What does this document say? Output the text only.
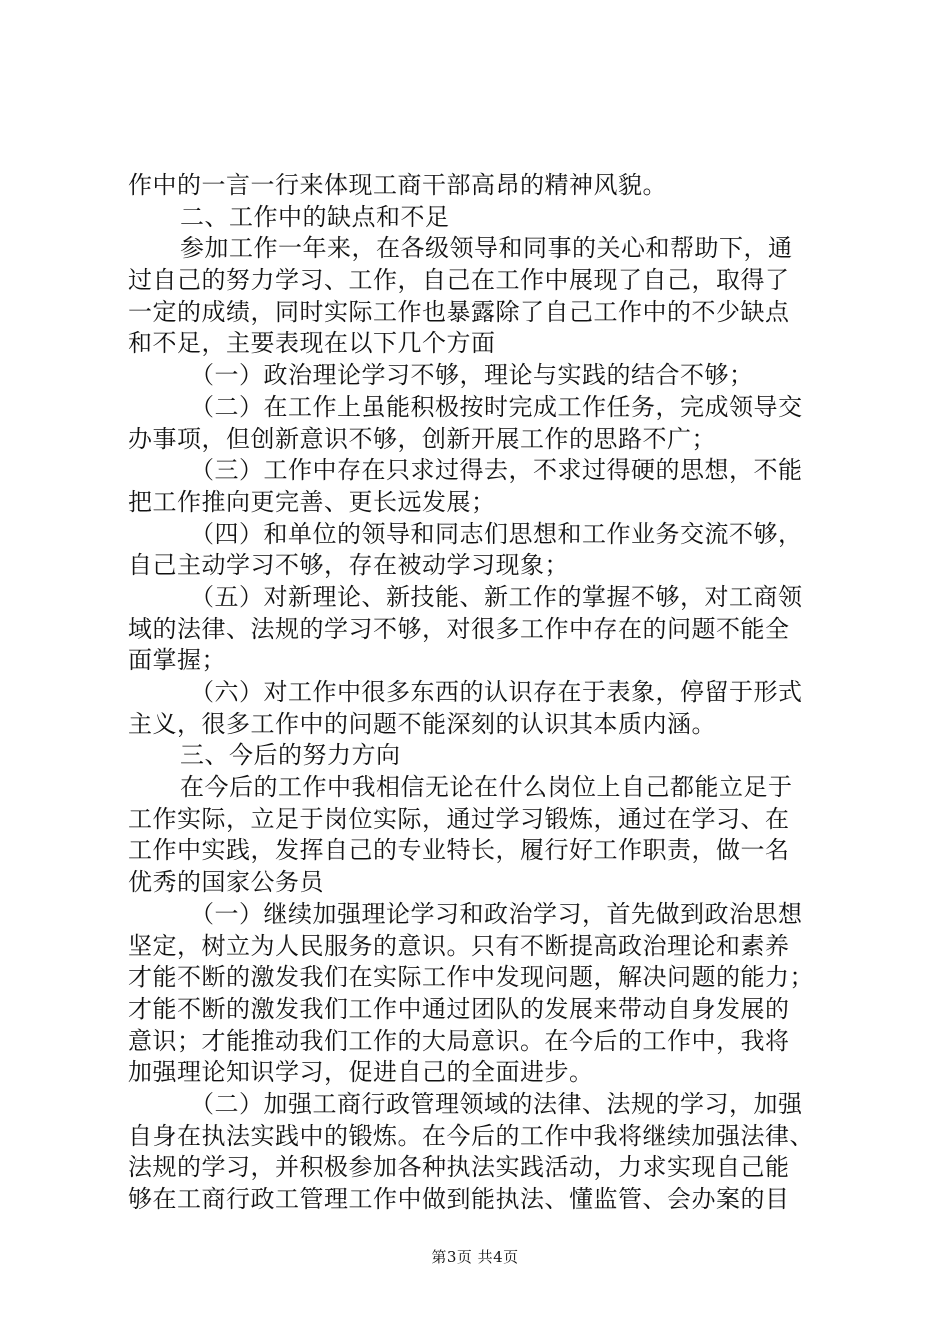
作中的一言一行来体现工商干部高昂的精神风貌。
二、工作中的缺点和不足
参加工作一年来，在各级领导和同事的关心和帮助下，通
过自己的努力学习、工作，自己在工作中展现了自己，取得了
一定的成绩，同时实际工作也暴露除了自己工作中的不少缺点
和不足，主要表现在以下几个方面
（一）政治理论学习不够，理论与实践的结合不够；
（二）在工作上虽能积极按时完成工作任务，完成领导交
办事项，但创新意识不够，创新开展工作的思路不广；
（三）工作中存在只求过得去，不求过得硬的思想，不能
把工作推向更完善、更长远发展；
（四）和单位的领导和同志们思想和工作业务交流不够，
自己主动学习不够，存在被动学习现象；
（五）对新理论、新技能、新工作的掌握不够，对工商领
域的法律、法规的学习不够，对很多工作中存在的问题不能全
面掌握；
（六）对工作中很多东西的认识存在于表象，停留于形式
主义，很多工作中的问题不能深刻的认识其本质内涵。
三、今后的努力方向
在今后的工作中我相信无论在什么岗位上自己都能立足于
工作实际，立足于岗位实际，通过学习锻炼，通过在学习、在
工作中实践，发挥自己的专业特长，履行好工作职责，做一名
优秀的国家公务员
（一）继续加强理论学习和政治学习，首先做到政治思想
坚定，树立为人民服务的意识。只有不断提高政治理论和素养
才能不断的激发我们在实际工作中发现问题，解决问题的能力；
才能不断的激发我们工作中通过团队的发展来带动自身发展的
意识；才能推动我们工作的大局意识。在今后的工作中，我将
加强理论知识学习，促进自己的全面进步。
（二）加强工商行政管理领域的法律、法规的学习，加强
自身在执法实践中的锻炼。在今后的工作中我将继续加强法律、
法规的学习，并积极参加各种执法实践活动，力求实现自己能
够在工商行政工管理工作中做到能执法、懂监管、会办案的目
第3页 共4页
